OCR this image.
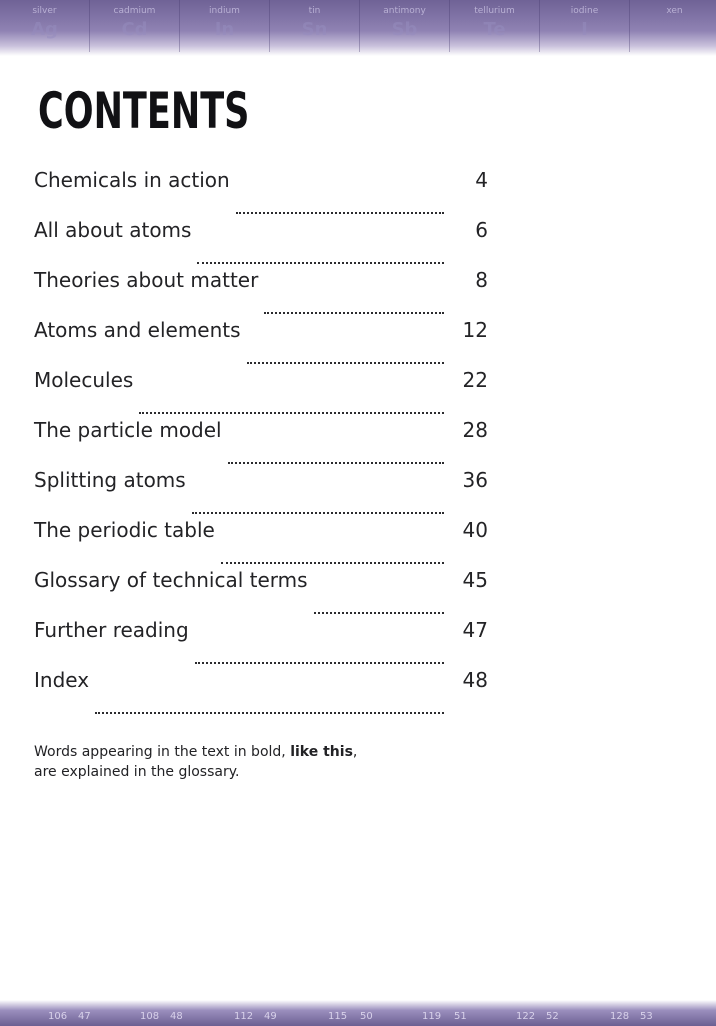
silver
Ag
cadmium
Cd
indium
In
tin
Sn
antimony
Sb
tellurium
Te
iodine
I
xen
CONTENTS
Chemicals in action	4
All about atoms	6
Theories about matter	8
Atoms and elements	12
Molecules	22
The particle model	28
Splitting atoms	36
The periodic table	40
Glossary of technical terms	45
Further reading	47
Index	48
Words appearing in the text in bold, like this,
are explained in the glossary.
106 47	108 48	112 49	115 50	119 51	122 52	128 53
